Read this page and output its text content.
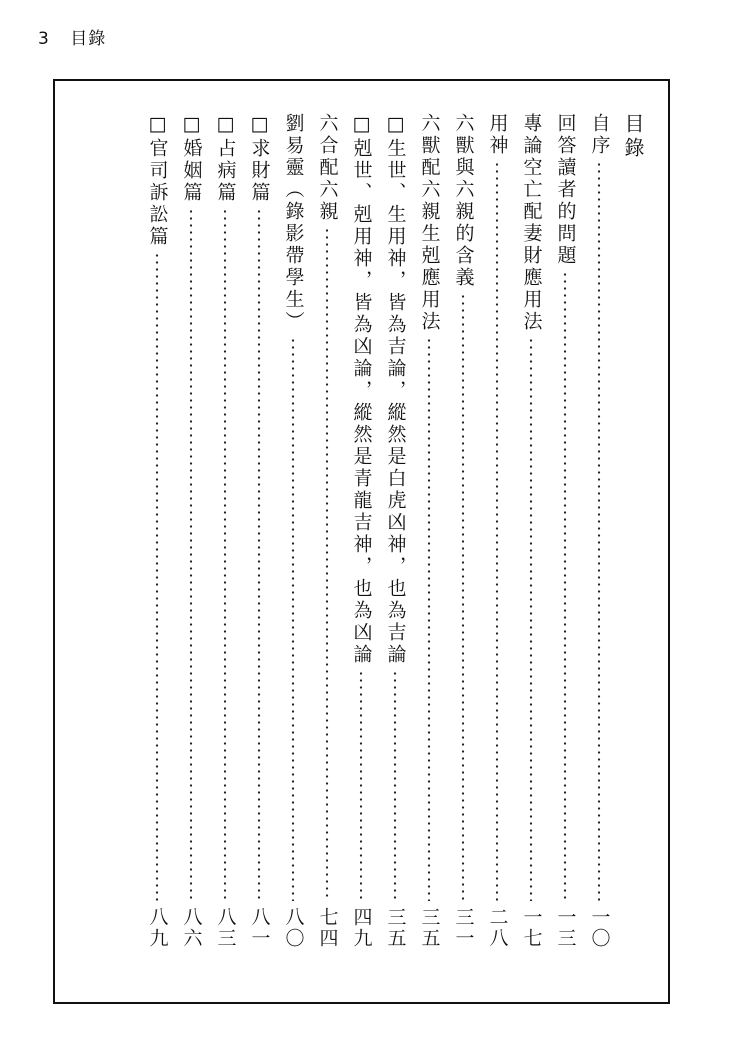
3 目錄
目錄
自序
一〇
回答讀者的問題
一三
專論空亡配妻財應用法
一七
用神
二八
六獸與六親的含義
三一
六獸配六親生剋應用法
三五
□生世、生用神，皆為吉論，縱然是白虎凶神，也為吉論
三五
□剋世、剋用神，皆為凶論，縱然是青龍吉神，也為凶論
四九
六合配六親
七四
劉易靈（錄影帶學生）
八〇
□求財篇
八一
□占病篇
八三
□婚姻篇
八六
□官司訴訟篇
八九
